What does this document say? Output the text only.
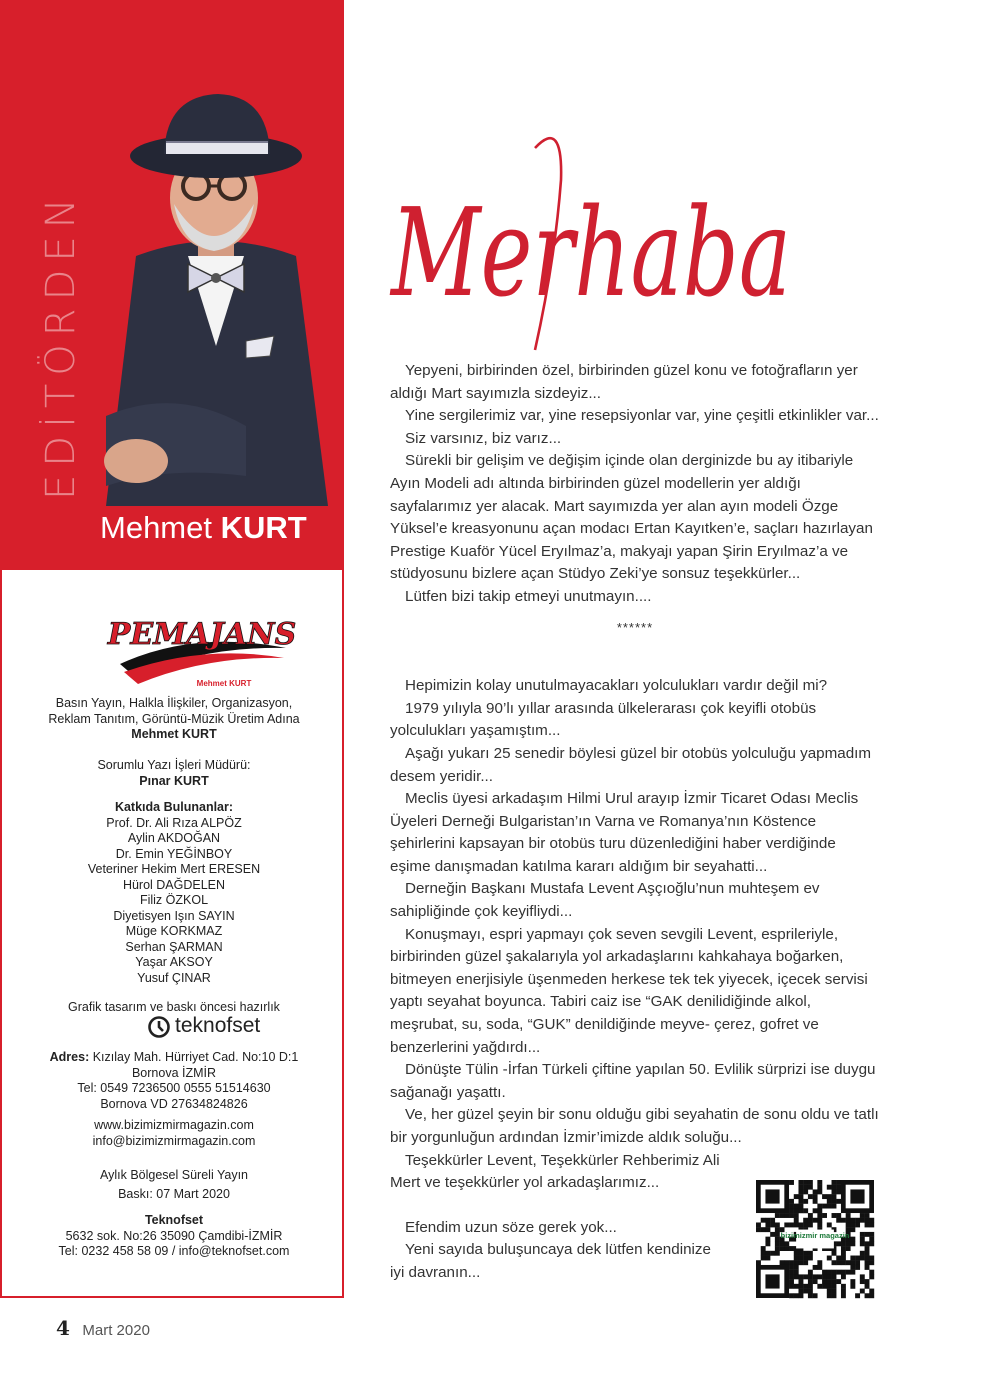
EDİTÖRDEN
Mehmet KURT
PEMAJANS
Mehmet KURT
Basın Yayın, Halkla İlişkiler, Organizasyon,
Reklam Tanıtım, Görüntü-Müzik Üretim Adına
Mehmet KURT
Sorumlu Yazı İşleri Müdürü:
Pınar KURT
Katkıda Bulunanlar:
Prof. Dr. Ali Rıza ALPÖZ
Aylin AKDOĞAN
Dr. Emin YEĞİNBOY
Veteriner Hekim Mert ERESEN
Hürol DAĞDELEN
Filiz ÖZKOL
Diyetisyen Işın SAYIN
Müge KORKMAZ
Serhan ŞARMAN
Yaşar AKSOY
Yusuf ÇINAR
Grafik tasarım ve baskı öncesi hazırlık
teknofset
Adres: Kızılay Mah. Hürriyet Cad. No:10 D:1
Bornova İZMİR
Tel: 0549 7236500 0555 51514630
Bornova VD 27634824826
www.bizimizmirmagazin.com
info@bizimizmirmagazin.com
Aylık Bölgesel Süreli Yayın
Baskı: 07 Mart 2020
Teknofset
5632 sok. No:26 35090 Çamdibi-İZMİR
Tel: 0232 458 58 09 / info@teknofset.com
Merhaba

Yepyeni, birbirinden özel, birbirinden güzel konu ve fotoğrafların yer aldığı Mart sayımızla sizdeyiz...

Yine sergilerimiz var, yine resepsiyonlar var, yine çeşitli etkinlikler var...

Siz varsınız, biz varız...

Sürekli bir gelişim ve değişim içinde olan derginizde bu ay itibariyle Ayın Modeli adı altında birbirinden güzel modellerin yer aldığı sayfalarımız yer alacak. Mart sayımızda yer alan ayın modeli Özge Yüksel’e kreasyonunu açan modacı Ertan Kayıtken’e, saçları hazırlayan Prestige Kuaför Yücel Eryılmaz’a, makyajı yapan Şirin Eryılmaz’a ve stüdyosunu bizlere açan Stüdyo Zeki’ye sonsuz teşekkürler...

Lütfen bizi takip etmeyi unutmayın....

******

Hepimizin kolay unutulmayacakları yolculukları vardır değil mi?

1979 yılıyla 90’lı yıllar arasında ülkelerarası çok keyifli otobüs yolculukları yaşamıştım...

Aşağı yukarı 25 senedir böylesi güzel bir otobüs yolculuğu yapmadım desem yeridir...

Meclis üyesi arkadaşım Hilmi Urul arayıp İzmir Ticaret Odası Meclis Üyeleri Derneği Bulgaristan’ın Varna ve Romanya’nın Köstence şehirlerini kapsayan bir otobüs turu düzenlediğini haber verdiğinde eşime danışmadan katılma kararı aldığım bir seyahatti...

Derneğin Başkanı Mustafa Levent Aşçıoğlu’nun muhteşem ev sahipliğinde çok keyifliydi...

Konuşmayı, espri yapmayı çok seven sevgili Levent, esprileriyle, birbirinden güzel şakalarıyla yol arkadaşlarını kahkahaya boğarken, bitmeyen enerjisiyle üşenmeden herkese tek tek yiyecek, içecek servisi yaptı seyahat boyunca. Tabiri caiz ise “GAK denilidiğinde alkol, meşrubat, su, soda, “GUK” denildiğinde meyve- çerez, gofret ve benzerlerini yağdırdı...

Dönüşte Tülin -İrfan Türkeli çiftine yapılan 50. Evlilik sürprizi ise duygu sağanağı yaşattı.

Ve, her güzel şeyin bir sonu olduğu gibi seyahatin de sonu oldu ve tatlı bir yorgunluğun ardından İzmir’imizde aldık soluğu...

Teşekkürler Levent, Teşekkürler Rehberimiz Ali Mert ve teşekkürler yol arkadaşlarımız...

Efendim uzun söze gerek yok...

Yeni sayıda buluşuncaya dek lütfen kendinize iyi davranın...

bizimizmir magazin
4 Mart 2020
